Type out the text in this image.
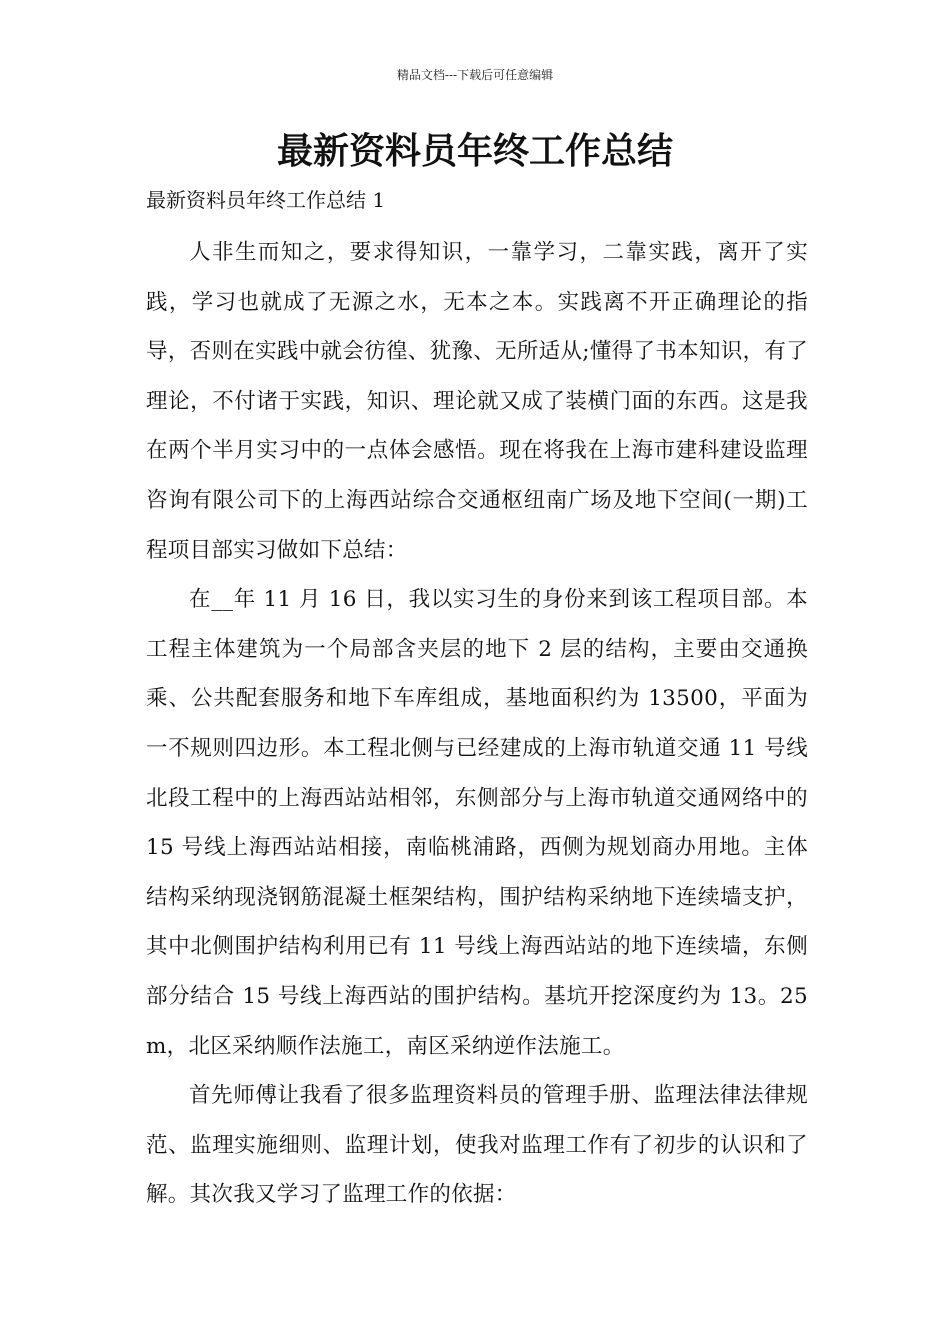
精品文档---下载后可任意编辑
最新资料员年终工作总结
最新资料员年终工作总结 1

人非生而知之，要求得知识，一靠学习，二靠实践，离开了实践，学习也就成了无源之水，无本之本。实践离不开正确理论的指导，否则在实践中就会彷徨、犹豫、无所适从;懂得了书本知识，有了理论，不付诸于实践，知识、理论就又成了装横门面的东西。这是我在两个半月实习中的一点体会感悟。现在将我在上海市建科建设监理咨询有限公司下的上海西站综合交通枢纽南广场及地下空间(一期)工程项目部实习做如下总结：

在__年 11 月 16 日，我以实习生的身份来到该工程项目部。本工程主体建筑为一个局部含夹层的地下 2 层的结构，主要由交通换乘、公共配套服务和地下车库组成，基地面积约为 13500，平面为一不规则四边形。本工程北侧与已经建成的上海市轨道交通 11 号线北段工程中的上海西站站相邻，东侧部分与上海市轨道交通网络中的 15 号线上海西站站相接，南临桃浦路，西侧为规划商办用地。主体结构采纳现浇钢筋混凝土框架结构，围护结构采纳地下连续墙支护，其中北侧围护结构利用已有 11 号线上海西站站的地下连续墙，东侧部分结合 15 号线上海西站的围护结构。基坑开挖深度约为 13。25m，北区采纳顺作法施工，南区采纳逆作法施工。

首先师傅让我看了很多监理资料员的管理手册、监理法律法律规范、监理实施细则、监理计划，使我对监理工作有了初步的认识和了解。其次我又学习了监理工作的依据：
